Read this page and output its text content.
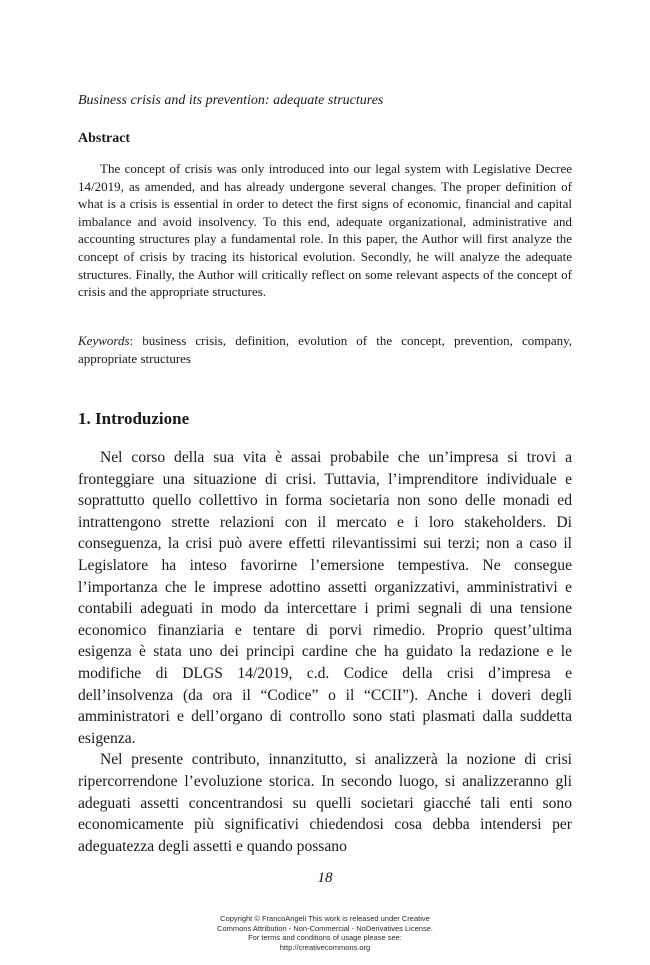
Business crisis and its prevention: adequate structures
Abstract

The concept of crisis was only introduced into our legal system with Legislative Decree 14/2019, as amended, and has already undergone several changes. The proper definition of what is a crisis is essential in order to detect the first signs of economic, financial and capital imbalance and avoid insolvency. To this end, adequate organizational, administrative and accounting structures play a fundamental role. In this paper, the Author will first analyze the concept of crisis by tracing its historical evolution. Secondly, he will analyze the adequate structures. Finally, the Author will critically reflect on some relevant aspects of the concept of crisis and the appropriate structures.

Keywords: business crisis, definition, evolution of the concept, prevention, company, appropriate structures

1. Introduzione

Nel corso della sua vita è assai probabile che un’impresa si trovi a fronteggiare una situazione di crisi. Tuttavia, l’imprenditore individuale e soprattutto quello collettivo in forma societaria non sono delle monadi ed intrattengono strette relazioni con il mercato e i loro stakeholders. Di conseguenza, la crisi può avere effetti rilevantissimi sui terzi; non a caso il Legislatore ha inteso favorirne l’emersione tempestiva. Ne consegue l’importanza che le imprese adottino assetti organizzativi, amministrativi e contabili adeguati in modo da intercettare i primi segnali di una tensione economico finanziaria e tentare di porvi rimedio. Proprio quest’ultima esigenza è stata uno dei principi cardine che ha guidato la redazione e le modifiche di DLGS 14/2019, c.d. Codice della crisi d’impresa e dell’insolvenza (da ora il “Codice” o il “CCII”). Anche i doveri degli amministratori e dell’organo di controllo sono stati plasmati dalla suddetta esigenza.

Nel presente contributo, innanzitutto, si analizzerà la nozione di crisi ripercorrendone l’evoluzione storica. In secondo luogo, si analizzeranno gli adeguati assetti concentrandosi su quelli societari giacché tali enti sono economicamente più significativi chiedendosi cosa debba intendersi per adeguatezza degli assetti e quando possano

18
Copyright © FrancoAngeli This work is released under Creative
Commons Attribution - Non-Commercial - NoDerivatives License.
For terms and conditions of usage please see:
http://creativecommons.org
